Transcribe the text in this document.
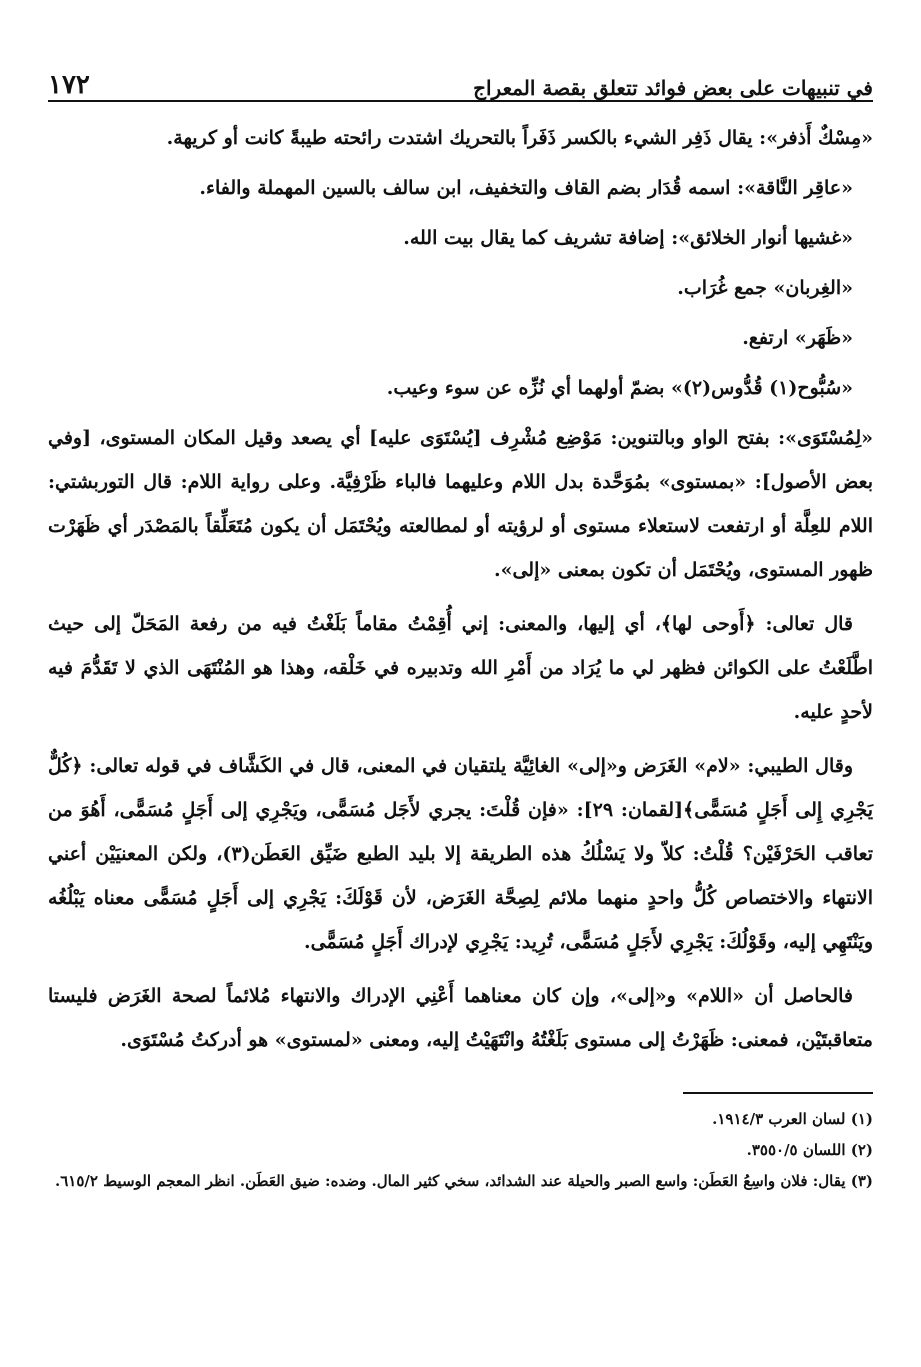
في تنبيهات على بعض فوائد تتعلق بقصة المعراج
١٧٢

«مِسْكٌ أَذفر»: يقال ذَفِر الشيء بالكسر ذَفَراً بالتحريك اشتدت رائحته طيبةً كانت أو كريهة.

«عاقِر النَّاقة»: اسمه قُدَار بضم القاف والتخفيف، ابن سالف بالسين المهملة والفاء.

«غشيها أنوار الخلائق»: إضافة تشريف كما يقال بيت الله.

«الغِربان» جمع غُرَاب.

«ظَهَر» ارتفع.

«سُبُّوح(١) قُدُّوس(٢)» بضمّ أولهما أي نُزِّه عن سوء وعيب.

«لِمُسْتَوَى»: بفتح الواو وبالتنوين: مَوْضِع مُشْرِف [يُسْتَوَى عليه] أي يصعد وقيل المكان المستوى، [وفي بعض الأصول]: «بمستوى» بمُوَحَّدة بدل اللام وعليهما فالباء ظَرْفِيَّة. وعلى رواية اللام: قال التوربشتي: اللام للعِلَّة أو ارتفعت لاستعلاء مستوى أو لرؤيته أو لمطالعته ويُحْتَمَل أن يكون مُتَعَلِّقاً بالمَصْدَر أي ظَهَرْت ظهور المستوى، ويُحْتَمَل أن تكون بمعنى «إلى».

قال تعالى: ﴿أَوحى لها﴾، أي إليها، والمعنى: إني أُقِمْتُ مقاماً بَلَغْتُ فيه من رفعة المَحَلّ إلى حيث اطَّلَعْتُ على الكوائن فظهر لي ما يُرَاد من أَمْرِ الله وتدبيره في خَلْقه، وهذا هو المُنْتَهَى الذي لا تَقَدُّمَ فيه لأحدٍ عليه.

وقال الطيبي: «لام» الغَرَض و«إلى» الغائِيَّة يلتقيان في المعنى، قال في الكَشَّاف في قوله تعالى: ﴿كُلٌّ يَجْرِي إِلى أَجَلٍ مُسَمًّى﴾[لقمان: ٢٩]: «فإن قُلْتَ: يجري لأَجَل مُسَمًّى، ويَجْرِي إلى أَجَلٍ مُسَمًّى، أَهُوَ من تعاقب الحَرْفَيْن؟ قُلْتُ: كلاّ ولا يَسْلُكُ هذه الطريقة إلا بليد الطبع ضَيِّق العَطَن(٣)، ولكن المعنيَيْن أعني الانتهاء والاختصاص كُلُّ واحدٍ منهما ملائم لِصِحَّة الغَرَض، لأن قَوْلَكَ: يَجْرِي إلى أَجَلٍ مُسَمًّى معناه يَبْلُغُه ويَنْتَهِي إليه، وقَوْلُكَ: يَجْرِي لأَجَلٍ مُسَمًّى، تُرِيد: يَجْرِي لإدراك أَجَلٍ مُسَمًّى.

فالحاصل أن «اللام» و«إلى»، وإن كان معناهما أَعْنِي الإدراك والانتهاء مُلائماً لصحة الغَرَض فليستا متعاقبتَيْن، فمعنى: ظَهَرْتُ إلى مستوى بَلَغْتُهُ وانْتَهَيْتُ إليه، ومعنى «لمستوى» هو أدركتُ مُسْتَوَى.

(١) لسان العرب ١٩١٤/٣.

(٢) اللسان ٣٥٥٠/٥.

(٣) يقال: فلان واسِعُ العَطَن: واسع الصبر والحيلة عند الشدائد، سخي كثير المال. وضده: ضيق العَطَن. انظر المعجم الوسيط ٦١٥/٢.
